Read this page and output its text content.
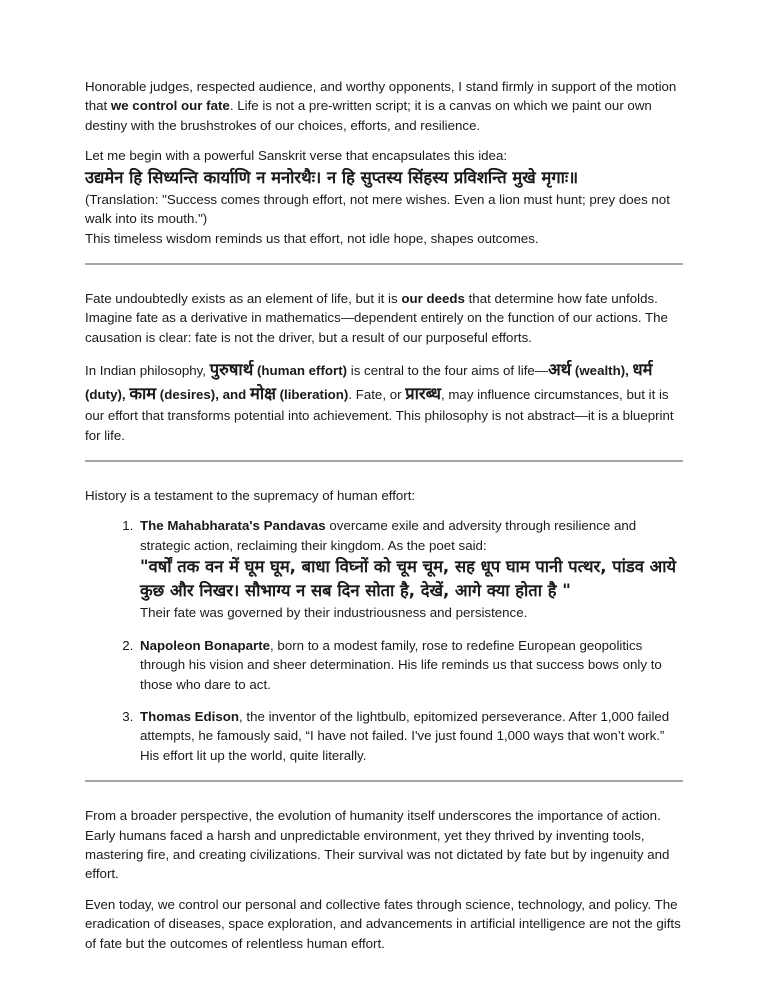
Honorable judges, respected audience, and worthy opponents, I stand firmly in support of the motion that we control our fate. Life is not a pre-written script; it is a canvas on which we paint our own destiny with the brushstrokes of our choices, efforts, and resilience.

Let me begin with a powerful Sanskrit verse that encapsulates this idea:
उद्यमेन हि सिध्यन्ति कार्याणि न मनोरथैः। न हि सुप्तस्य सिंहस्य प्रविशन्ति मुखे मृगाः॥
(Translation: "Success comes through effort, not mere wishes. Even a lion must hunt; prey does not walk into its mouth.")
This timeless wisdom reminds us that effort, not idle hope, shapes outcomes.

Fate undoubtedly exists as an element of life, but it is our deeds that determine how fate unfolds. Imagine fate as a derivative in mathematics—dependent entirely on the function of our actions. The causation is clear: fate is not the driver, but a result of our purposeful efforts.

In Indian philosophy, पुरुषार्थ (human effort) is central to the four aims of life—अर्थ (wealth), धर्म (duty), काम (desires), and मोक्ष (liberation). Fate, or प्रारब्ध, may influence circumstances, but it is our effort that transforms potential into achievement. This philosophy is not abstract—it is a blueprint for life.

History is a testament to the supremacy of human effort:

1. The Mahabharata's Pandavas overcame exile and adversity through resilience and strategic action, reclaiming their kingdom. As the poet said:
"वर्षों तक वन में घूम घूम, बाधा विघ्नों को चूम चूम, सह धूप घाम पानी पत्थर, पांडव आये कुछ और निखर। सौभाग्य न सब दिन सोता है, देखें, आगे क्या होता है "
Their fate was governed by their industriousness and persistence.
2. Napoleon Bonaparte, born to a modest family, rose to redefine European geopolitics through his vision and sheer determination. His life reminds us that success bows only to those who dare to act.
3. Thomas Edison, the inventor of the lightbulb, epitomized perseverance. After 1,000 failed attempts, he famously said, “I have not failed. I've just found 1,000 ways that won’t work.” His effort lit up the world, quite literally.

From a broader perspective, the evolution of humanity itself underscores the importance of action. Early humans faced a harsh and unpredictable environment, yet they thrived by inventing tools, mastering fire, and creating civilizations. Their survival was not dictated by fate but by ingenuity and effort.

Even today, we control our personal and collective fates through science, technology, and policy. The eradication of diseases, space exploration, and advancements in artificial intelligence are not the gifts of fate but the outcomes of relentless human effort.
